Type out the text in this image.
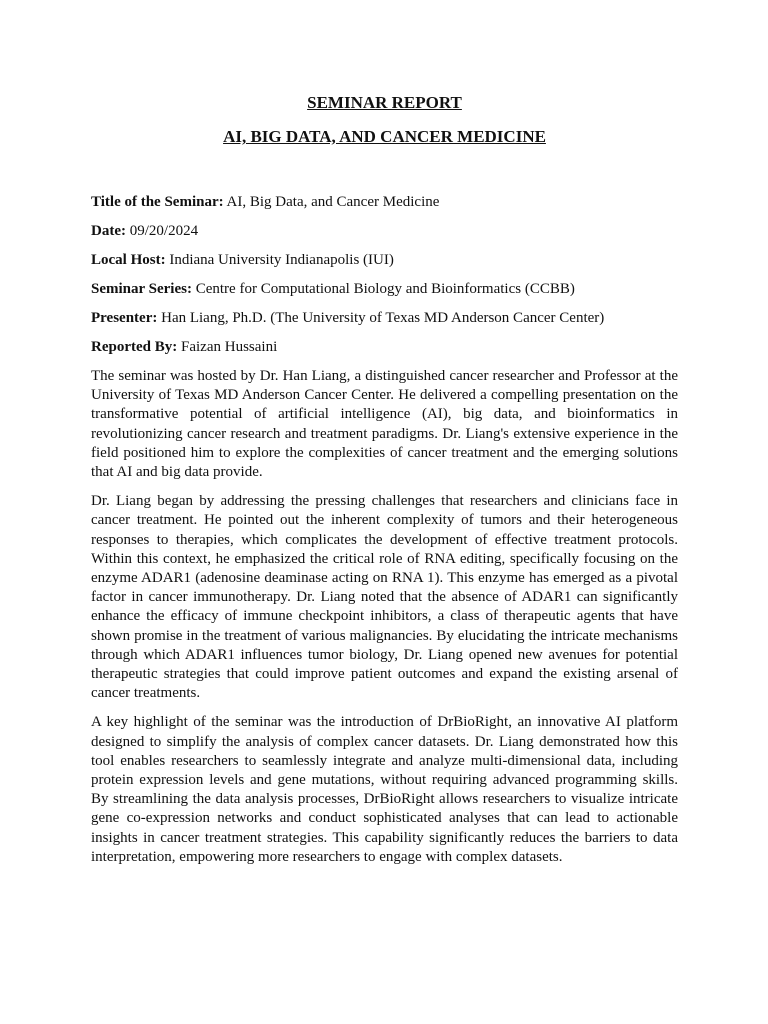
SEMINAR REPORT
AI, BIG DATA, AND CANCER MEDICINE
Title of the Seminar: AI, Big Data, and Cancer Medicine
Date: 09/20/2024
Local Host: Indiana University Indianapolis (IUI)
Seminar Series: Centre for Computational Biology and Bioinformatics (CCBB)
Presenter: Han Liang, Ph.D. (The University of Texas MD Anderson Cancer Center)
Reported By: Faizan Hussaini

The seminar was hosted by Dr. Han Liang, a distinguished cancer researcher and Professor at the University of Texas MD Anderson Cancer Center. He delivered a compelling presentation on the transformative potential of artificial intelligence (AI), big data, and bioinformatics in revolutionizing cancer research and treatment paradigms. Dr. Liang's extensive experience in the field positioned him to explore the complexities of cancer treatment and the emerging solutions that AI and big data provide.

Dr. Liang began by addressing the pressing challenges that researchers and clinicians face in cancer treatment. He pointed out the inherent complexity of tumors and their heterogeneous responses to therapies, which complicates the development of effective treatment protocols. Within this context, he emphasized the critical role of RNA editing, specifically focusing on the enzyme ADAR1 (adenosine deaminase acting on RNA 1). This enzyme has emerged as a pivotal factor in cancer immunotherapy. Dr. Liang noted that the absence of ADAR1 can significantly enhance the efficacy of immune checkpoint inhibitors, a class of therapeutic agents that have shown promise in the treatment of various malignancies. By elucidating the intricate mechanisms through which ADAR1 influences tumor biology, Dr. Liang opened new avenues for potential therapeutic strategies that could improve patient outcomes and expand the existing arsenal of cancer treatments.

A key highlight of the seminar was the introduction of DrBioRight, an innovative AI platform designed to simplify the analysis of complex cancer datasets. Dr. Liang demonstrated how this tool enables researchers to seamlessly integrate and analyze multi-dimensional data, including protein expression levels and gene mutations, without requiring advanced programming skills. By streamlining the data analysis processes, DrBioRight allows researchers to visualize intricate gene co-expression networks and conduct sophisticated analyses that can lead to actionable insights in cancer treatment strategies. This capability significantly reduces the barriers to data interpretation, empowering more researchers to engage with complex datasets.
